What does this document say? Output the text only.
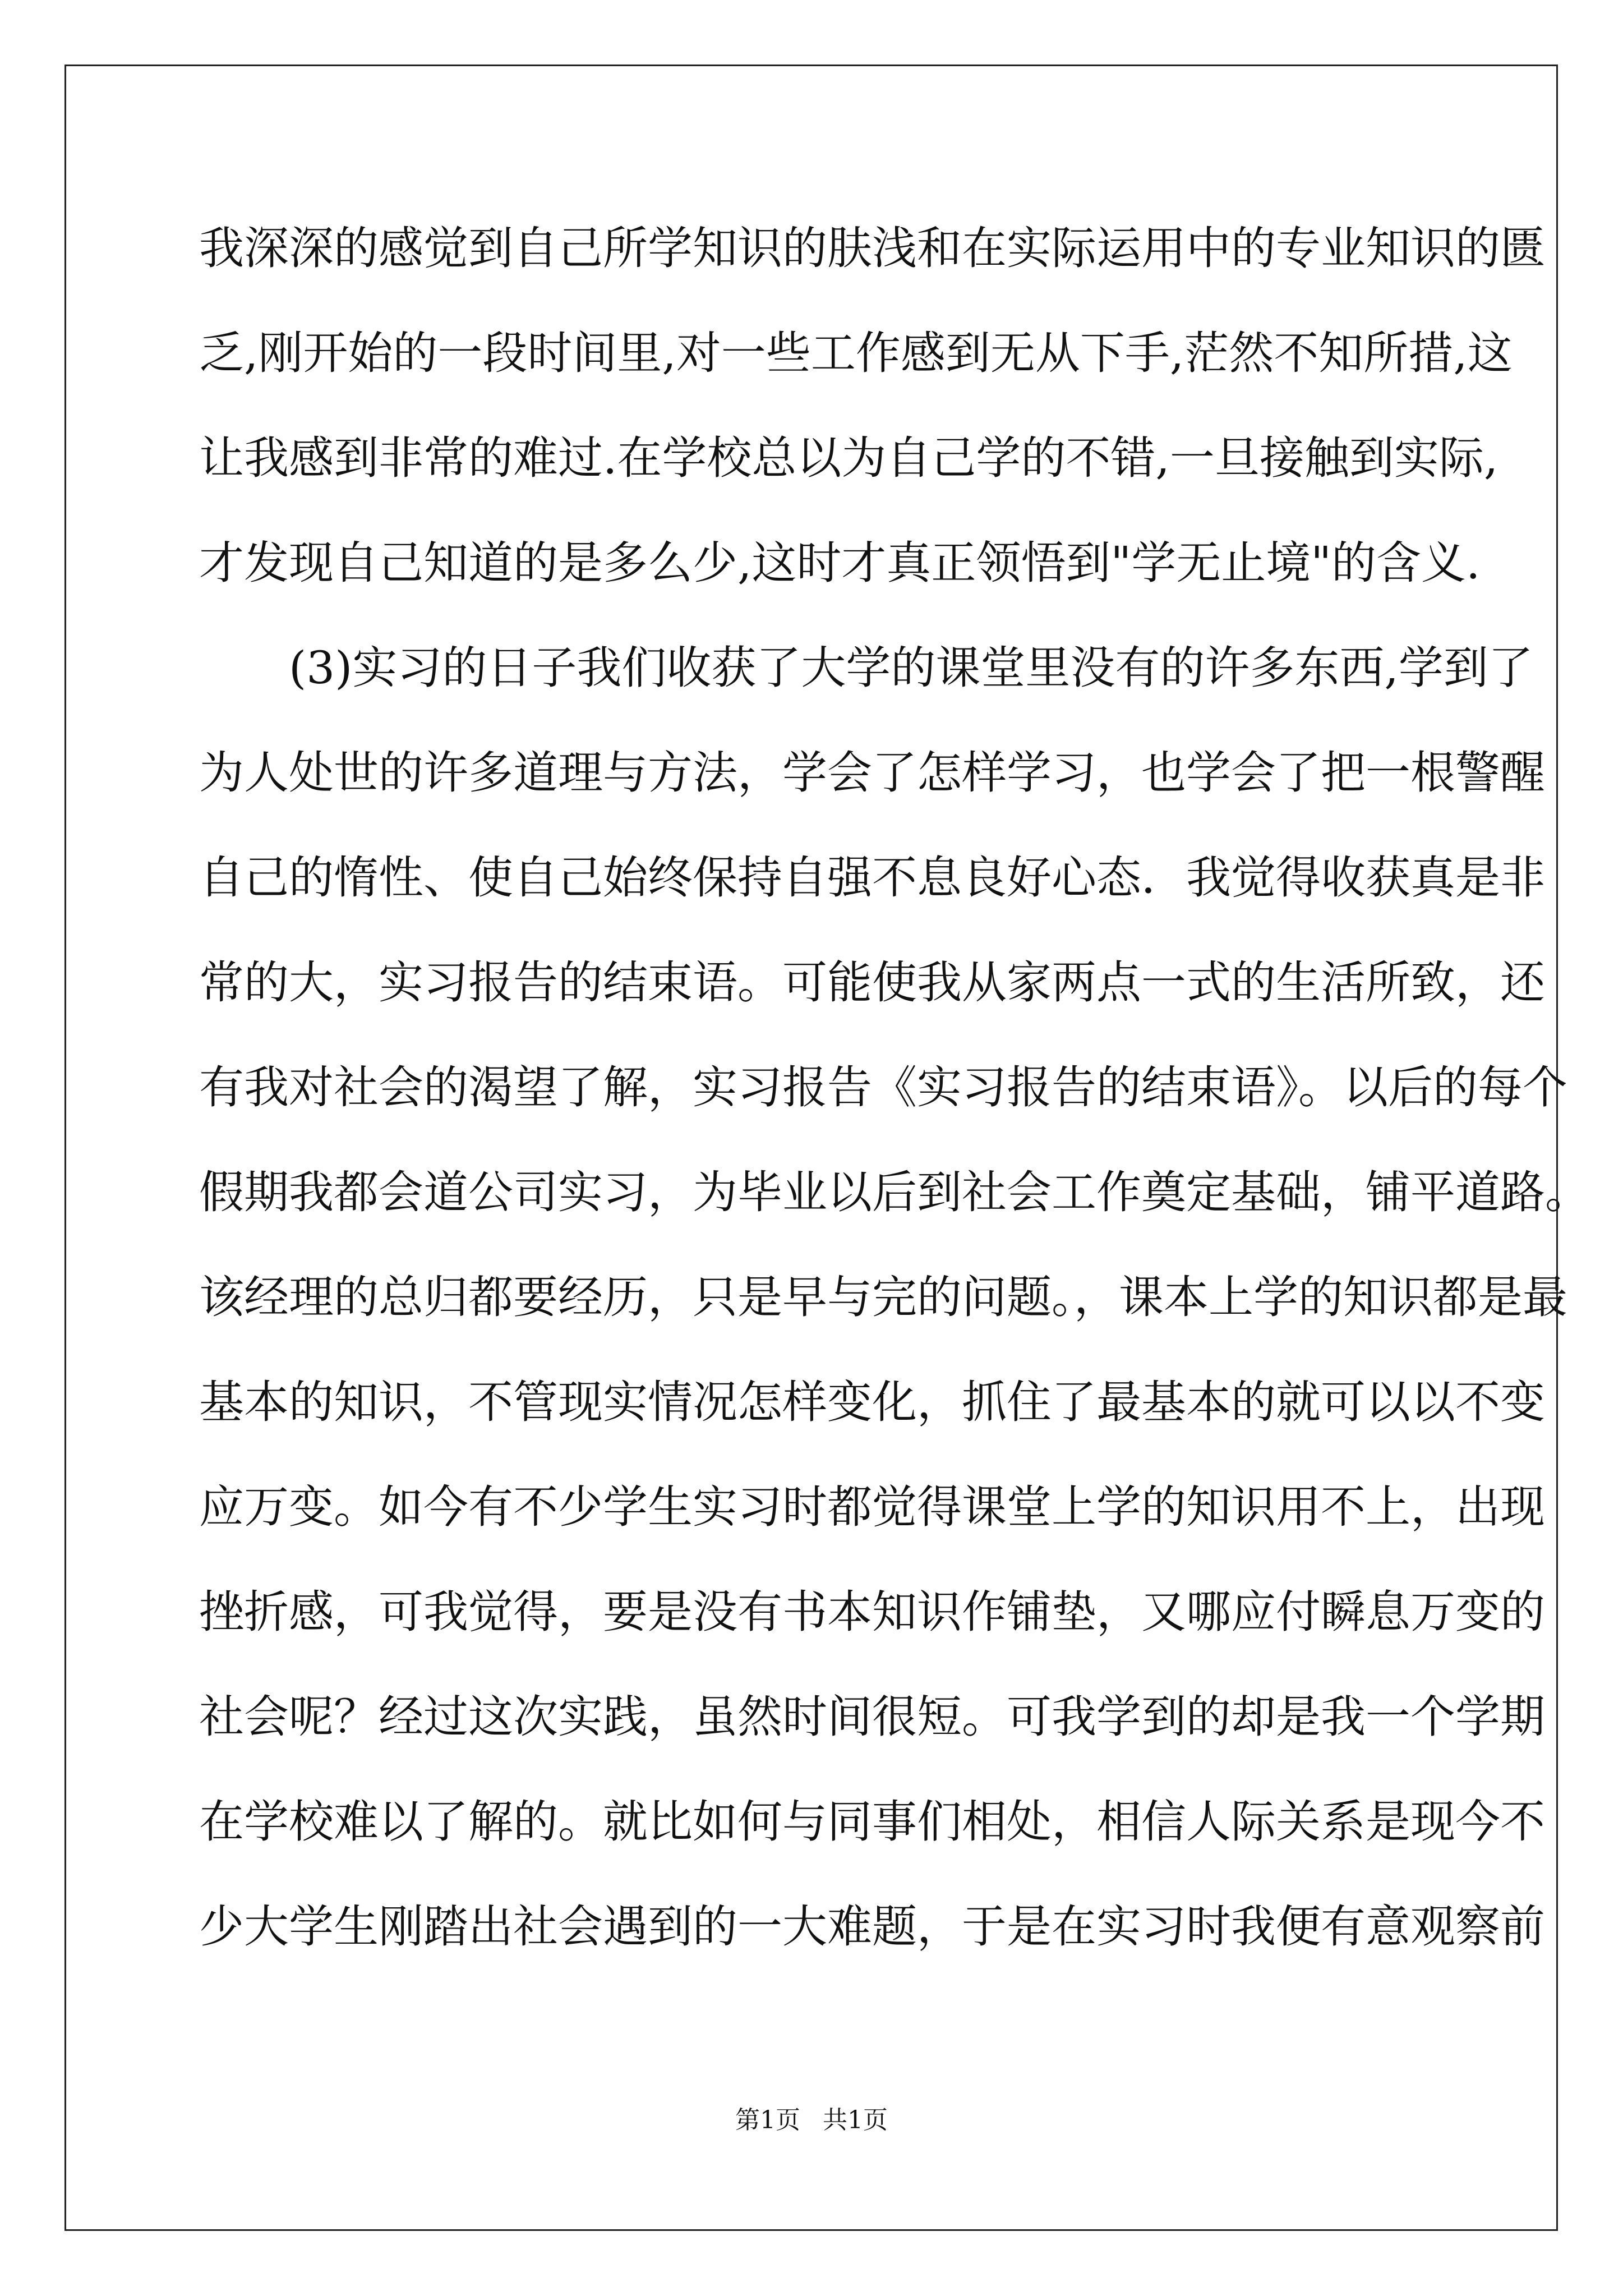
我深深的感觉到自己所学知识的肤浅和在实际运用中的专业知识的匮
乏,刚开始的一段时间里,对一些工作感到无从下手,茫然不知所措,这
让我感到非常的难过.在学校总以为自己学的不错,一旦接触到实际,
才发现自己知道的是多么少,这时才真正领悟到"学无止境"的含义.
　　(3)实习的日子我们收获了大学的课堂里没有的许多东西,学到了
为人处世的许多道理与方法，学会了怎样学习，也学会了把一根警醒
自己的惰性、使自己始终保持自强不息良好心态．我觉得收获真是非
常的大，实习报告的结束语。可能使我从家两点一式的生活所致，还
有我对社会的渴望了解，实习报告《实习报告的结束语》。以后的每个
假期我都会道公司实习，为毕业以后到社会工作奠定基础，铺平道路。
该经理的总归都要经历，只是早与完的问题。，课本上学的知识都是最
基本的知识，不管现实情况怎样变化，抓住了最基本的就可以以不变
应万变。如今有不少学生实习时都觉得课堂上学的知识用不上，出现
挫折感，可我觉得，要是没有书本知识作铺垫，又哪应付瞬息万变的
社会呢？经过这次实践，虽然时间很短。可我学到的却是我一个学期
在学校难以了解的。就比如何与同事们相处，相信人际关系是现今不
少大学生刚踏出社会遇到的一大难题，于是在实习时我便有意观察前
第1页 共1页
